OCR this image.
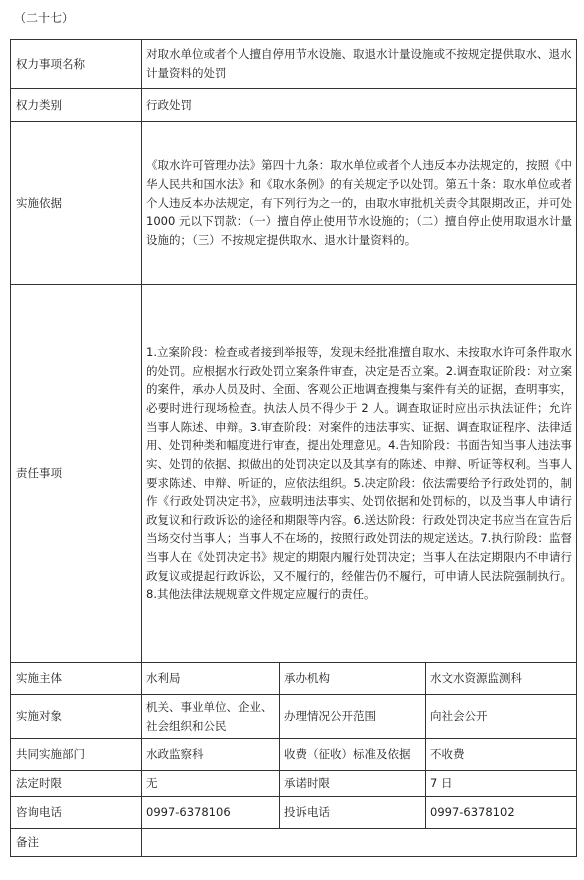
（二十七）
权力事项名称	对取水单位或者个人擅自停用节水设施、取退水计量设施或不按规定提供取水、退水计量资料的处罚		
权力类别	行政处罚		
实施依据	《取水许可管理办法》第四十九条：取水单位或者个人违反本办法规定的，按照《中华人民共和国水法》和《取水条例》的有关规定予以处罚。第五十条：取水单位或者个人违反本办法规定，有下列行为之一的，由取水审批机关责令其限期改正，并可处 1000 元以下罚款：（一）擅自停止使用节水设施的；（二）擅自停止使用取退水计量设施的；（三）不按规定提供取水、退水计量资料的。		
责任事项	1.立案阶段：检查或者接到举报等，发现未经批准擅自取水、未按取水许可条件取水的处罚。应根据水行政处罚立案条件审查，决定是否立案。2.调查取证阶段：对立案的案件，承办人员及时、全面、客观公正地调查搜集与案件有关的证据，查明事实，必要时进行现场检查。执法人员不得少于 2 人。调查取证时应出示执法证件；允许当事人陈述、申辩。3.审查阶段：对案件的违法事实、证据、调查取证程序、法律适用、处罚种类和幅度进行审查，提出处理意见。4.告知阶段：书面告知当事人违法事实、处罚的依据、拟做出的处罚决定以及其享有的陈述、申辩、听证等权利。当事人要求陈述、申辩、听证的，应依法组织。5.决定阶段：依法需要给予行政处罚的，制作《行政处罚决定书》，应载明违法事实、处罚依据和处罚标的，以及当事人申请行政复议和行政诉讼的途径和期限等内容。6.送达阶段：行政处罚决定书应当在宣告后当场交付当事人；当事人不在场的，按照行政处罚法的规定送达。7.执行阶段：监督当事人在《处罚决定书》规定的期限内履行处罚决定；当事人在法定期限内不申请行政复议或提起行政诉讼，又不履行的，经催告仍不履行，可申请人民法院强制执行。8.其他法律法规规章文件规定应履行的责任。		
实施主体	水利局	承办机构	水文水资源监测科
实施对象	机关、事业单位、企业、社会组织和公民	办理情况公开范围	向社会公开
共同实施部门	水政监察科	收费（征收）标准及依据	不收费
法定时限	无	承诺时限	7 日
咨询电话	0997-6378106	投诉电话	0997-6378102
备注			
